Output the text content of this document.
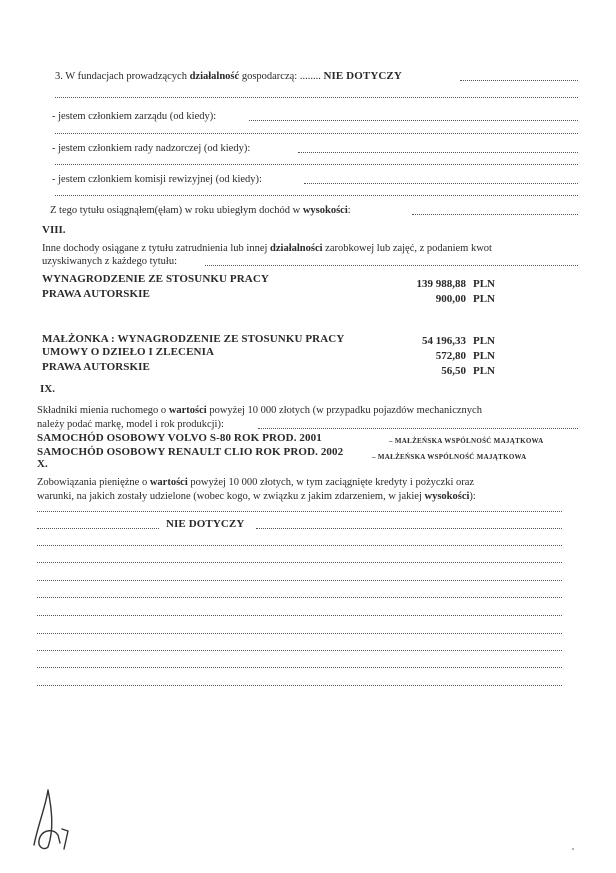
3. W fundacjach prowadzących działalność gospodarczą: ........ NIE DOTYCZY
- jestem członkiem zarządu (od kiedy):
- jestem członkiem rady nadzorczej (od kiedy):
- jestem członkiem komisji rewizyjnej (od kiedy):
Z tego tytułu osiągnąłem(ęłam) w roku ubiegłym dochód w wysokości:
VIII.
Inne dochody osiągane z tytułu zatrudnienia lub innej działalności zarobkowej lub zajęć, z podaniem kwot
uzyskiwanych z każdego tytułu:
WYNAGRODZENIE ZE STOSUNKU PRACY	139 988,88 PLN
PRAWA AUTORSKIE	900,00 PLN
MAŁŻONKA : WYNAGRODZENIE ZE STOSUNKU PRACY	54 196,33 PLN
UMOWY O DZIEŁO I ZLECENIA	572,80 PLN
PRAWA AUTORSKIE	56,50 PLN
IX.
Składniki mienia ruchomego o wartości powyżej 10 000 złotych (w przypadku pojazdów mechanicznych
należy podać markę, model i rok produkcji):
SAMOCHÓD OSOBOWY VOLVO S-80 ROK PROD. 2001	– MAŁŻEŃSKA WSPÓLNOŚĆ MAJĄTKOWA
SAMOCHÓD OSOBOWY RENAULT CLIO ROK PROD. 2002	– MAŁŻEŃSKA WSPÓLNOŚĆ MAJĄTKOWA
X.
Zobowiązania pieniężne o wartości powyżej 10 000 złotych, w tym zaciągnięte kredyty i pożyczki oraz
warunki, na jakich zostały udzielone (wobec kogo, w związku z jakim zdarzeniem, w jakiej wysokości):
NIE DOTYCZY
